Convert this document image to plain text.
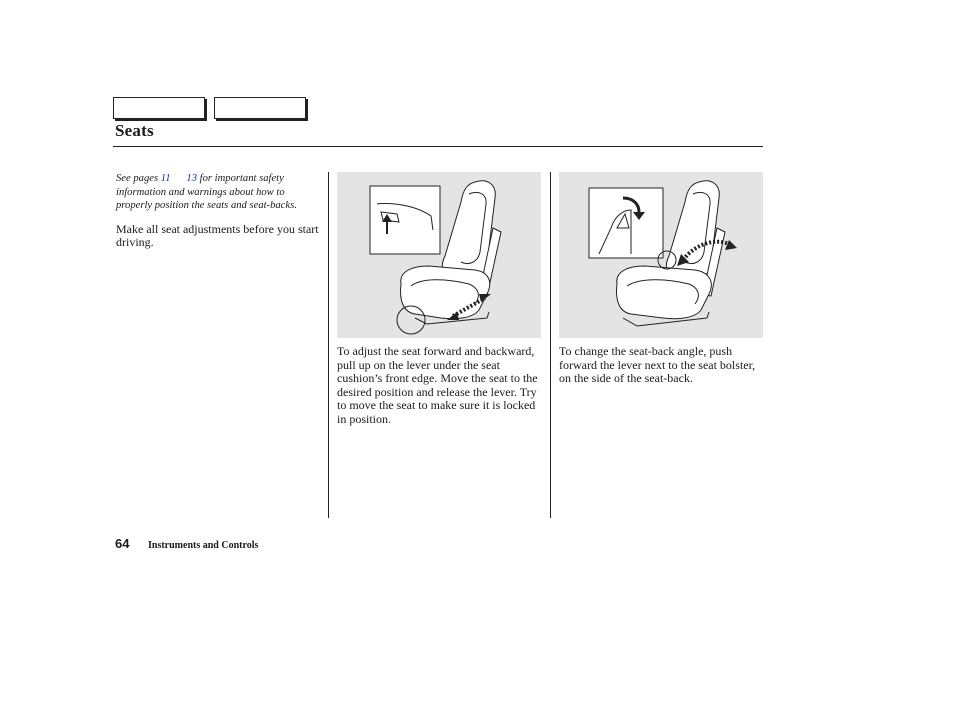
Seats

See pages 11 13 for important safety information and warnings about how to properly position the seats and seat-backs.

Make all seat adjustments before you start driving.

To adjust the seat forward and backward, pull up on the lever under the seat cushion’s front edge. Move the seat to the desired position and release the lever. Try to move the seat to make sure it is locked in position.

To change the seat-back angle, push forward the lever next to the seat bolster, on the side of the seat-back.

64 Instruments and Controls
